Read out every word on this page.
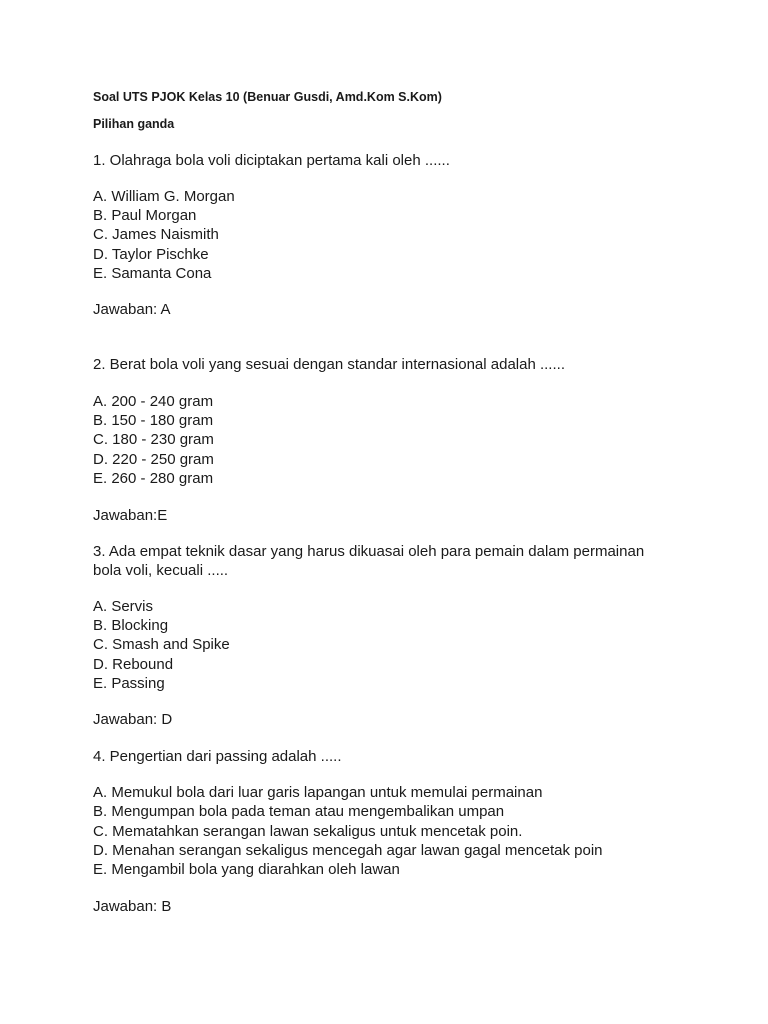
Soal UTS PJOK Kelas 10 (Benuar Gusdi, Amd.Kom S.Kom)
Pilihan ganda
1. Olahraga bola voli diciptakan pertama kali oleh ......
A. William G. Morgan
B. Paul Morgan
C. James Naismith
D. Taylor Pischke
E. Samanta Cona
Jawaban: A
2. Berat bola voli yang sesuai dengan standar internasional adalah ......
A. 200 - 240 gram
B. 150 - 180 gram
C. 180 - 230 gram
D. 220 - 250 gram
E. 260 - 280 gram
Jawaban:E
3. Ada empat teknik dasar yang harus dikuasai oleh para pemain dalam permainan
bola voli, kecuali .....
A. Servis
B. Blocking
C. Smash and Spike
D. Rebound
E. Passing
Jawaban: D
4. Pengertian dari passing adalah .....
A. Memukul bola dari luar garis lapangan untuk memulai permainan
B. Mengumpan bola pada teman atau mengembalikan umpan
C. Mematahkan serangan lawan sekaligus untuk mencetak poin.
D. Menahan serangan sekaligus mencegah agar lawan gagal mencetak poin
E. Mengambil bola yang diarahkan oleh lawan
Jawaban: B
